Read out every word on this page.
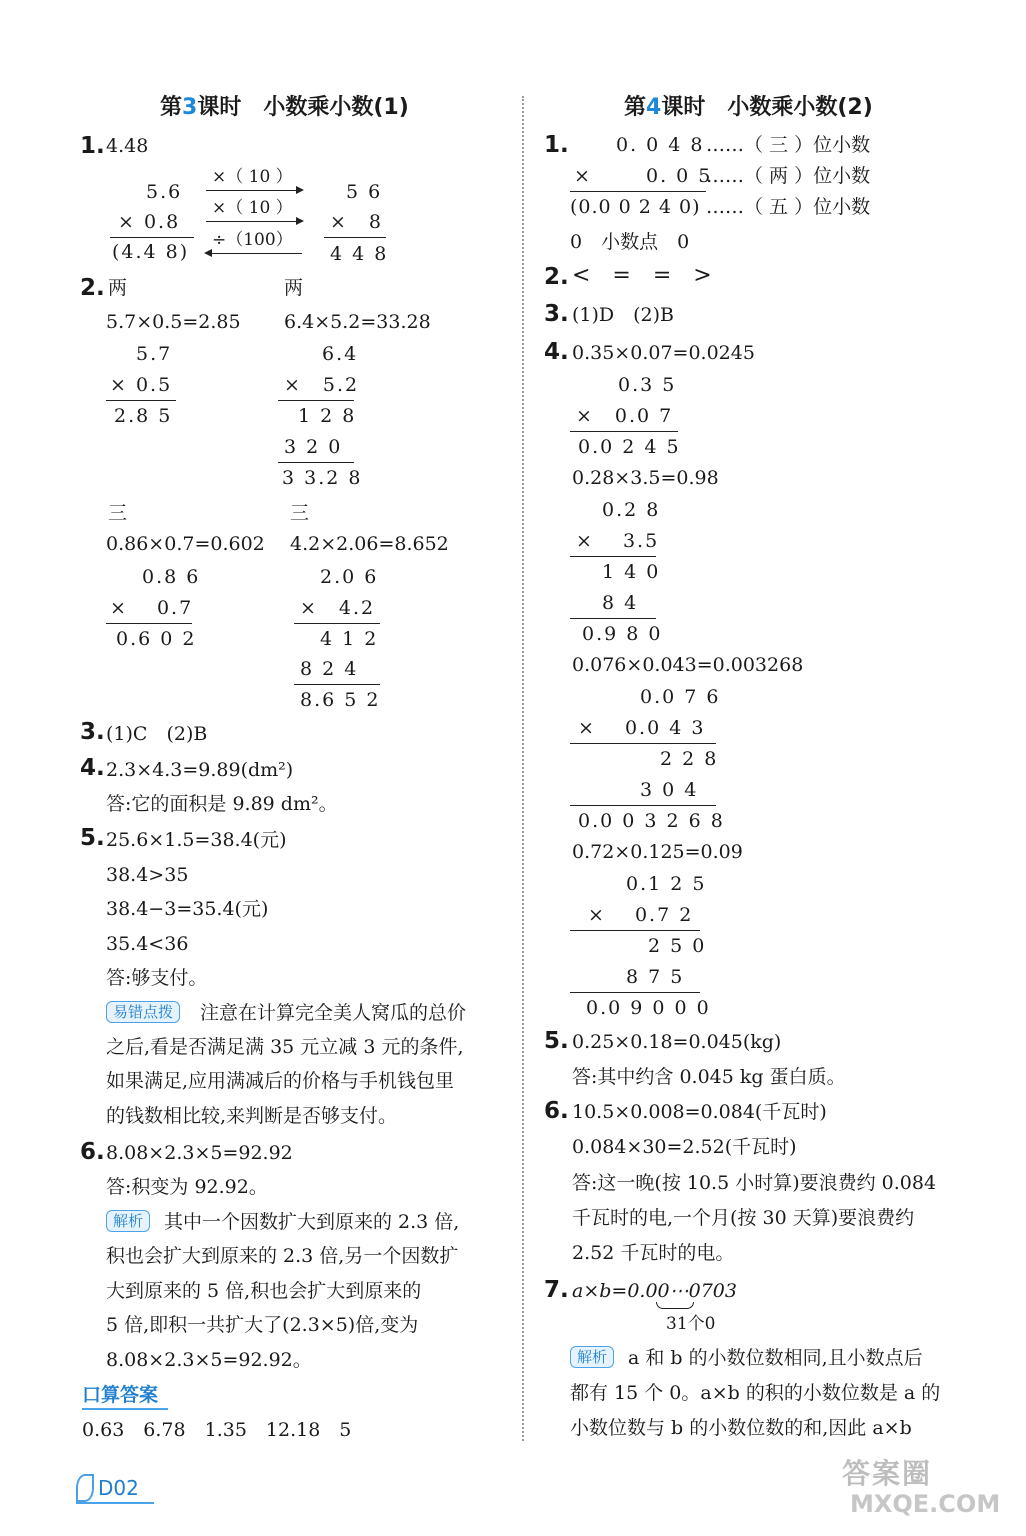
第3课时　小数乘小数(1)
1. 4.48
5.6
× 0.8
(4.4 8)
×（ 10 ）
×（ 10 ）
÷（100）
5 6
×　8
4 4 8
2. 两	两
5.7×0.5=2.85 6.4×5.2=33.28
5.7
× 0.5
2.8 5
6.4
×　5.2
1 2 8
3 2 0
3 3.2 8
三	三
0.86×0.7=0.602 4.2×2.06=8.652
0.8 6
×　 0.7
0.6 0 2
2.0 6
×　4.2
4 1 2
8 2 4
8.6 5 2
3. (1)C　(2)B
4. 2.3×4.3=9.89(dm²)
答:它的面积是 9.89 dm²。
5. 25.6×1.5=38.4(元)
38.4>35
38.4−3=35.4(元)
35.4<36
答:够支付。
易错点拨	注意在计算完全美人窝瓜的总价
之后,看是否满足满 35 元立减 3 元的条件,
如果满足,应用满减后的价格与手机钱包里
的钱数相比较,来判断是否够支付。
6. 8.08×2.3×5=92.92
答:积变为 92.92。
解析	其中一个因数扩大到原来的 2.3 倍,
积也会扩大到原来的 2.3 倍,另一个因数扩
大到原来的 5 倍,积也会扩大到原来的
5 倍,即积一共扩大了(2.3×5)倍,变为
8.08×2.3×5=92.92。
口算答案
0.63　6.78　1.35　12.18　5
第4课时　小数乘小数(2)
1. 0. 0 4 8 ……（ 三 ）位小数
×	0. 0 5
……（ 两 ）位小数
(0.0 0 2 4 0) ……（ 五 ）位小数
0　小数点　0
2. <　=　=　>
3. (1)D　(2)B
4. 0.35×0.07=0.0245
0.3 5
×　0.0 7
0.0 2 4 5
0.28×3.5=0.98
0.2 8
×　 3.5
1 4 0
8 4
0.9 8 0
0.076×0.043=0.003268
0.0 7 6
×　 0.0 4 3
2 2 8
3 0 4
0.0 0 3 2 6 8
0.72×0.125=0.09
0.1 2 5
×　 0.7 2
2 5 0
8 7 5
0.0 9 0 0 0
5. 0.25×0.18=0.045(kg)
答:其中约含 0.045 kg 蛋白质。
6. 10.5×0.008=0.084(千瓦时)
0.084×30=2.52(千瓦时)
答:这一晚(按 10.5 小时算)要浪费约 0.084
千瓦时的电,一个月(按 30 天算)要浪费约
2.52 千瓦时的电。
7. a×b=0.00⋯0703
31个0
解析	a 和 b 的小数位数相同,且小数点后
都有 15 个 0。a×b 的积的小数位数是 a 的
小数位数与 b 的小数位数的和,因此 a×b
D02	答案圈
MXQE.COM
